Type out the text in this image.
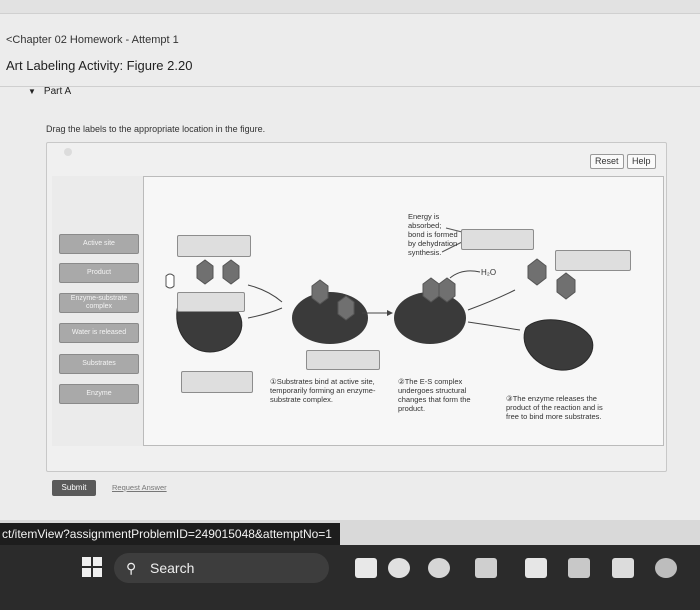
<Chapter 02 Homework - Attempt 1
Art Labeling Activity: Figure 2.20
▼ Part A
Drag the labels to the appropriate location in the figure.
Reset	Help
Active site
Product
Enzyme-substrate complex
Water is released
Substrates
Enzyme
H₂O
Energy is absorbed; bond is formed by dehydration synthesis.
①Substrates bind at active site, temporarily forming an enzyme-substrate complex.
②The E-S complex undergoes structural changes that form the product.
③The enzyme releases the product of the reaction and is free to bind more substrates.
Submit	Request Answer
ct/itemView?assignmentProblemID=249015048&attemptNo=1
⚲ Search
